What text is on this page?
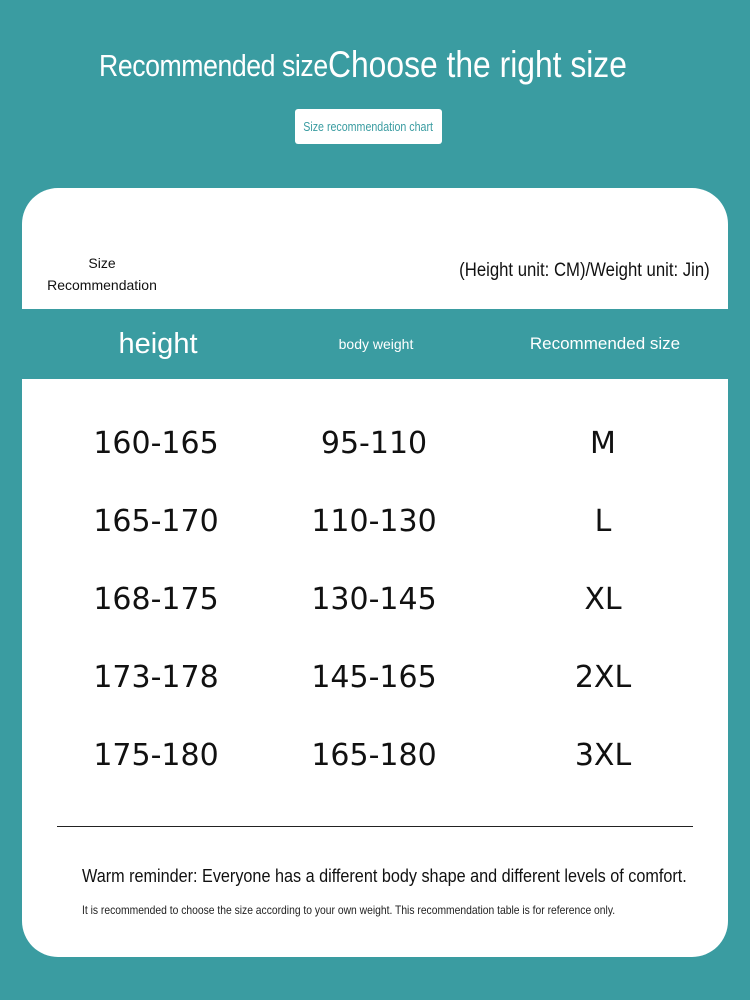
Recommended size Choose the right size
Size recommendation chart
Size Recommendation
(Height unit: CM)/Weight unit: Jin)
height	body weight	Recommended size
160-165	95-110	M
165-170	110-130	L
168-175	130-145	XL
173-178	145-165	2XL
175-180	165-180	3XL
Warm reminder: Everyone has a different body shape and different levels of comfort.
It is recommended to choose the size according to your own weight. This recommendation table is for reference only.
